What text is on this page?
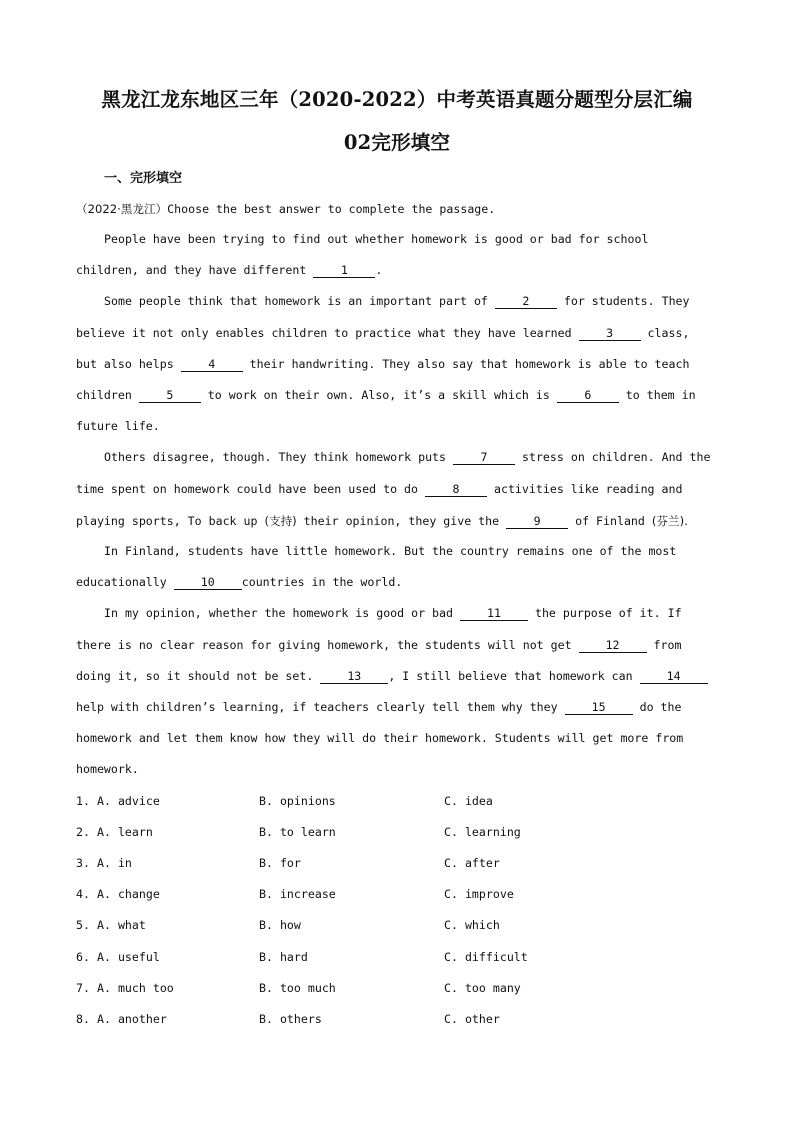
黑龙江龙东地区三年（2020-2022）中考英语真题分题型分层汇编
02完形填空
一、完形填空
（2022·黑龙江）Choose the best answer to complete the passage.
People have been trying to find out whether homework is good or bad for school
children, and they have different 1 .
Some people think that homework is an important part of 2 for students. They
believe it not only enables children to practice what they have learned 3 class,
but also helps 4 their handwriting. They also say that homework is able to teach
children 5 to work on their own. Also, it’s a skill which is 6 to them in
future life.
Others disagree, though. They think homework puts 7 stress on children. And the
time spent on homework could have been used to do 8 activities like reading and
playing sports, To back up (支持) their opinion, they give the 9 of Finland (芬兰).
In Finland, students have little homework. But the country remains one of the most
educationally 10 countries in the world.
In my opinion, whether the homework is good or bad 11 the purpose of it. If
there is no clear reason for giving homework, the students will not get 12 from
doing it, so it should not be set. 13 , I still believe that homework can 14
help with children’s learning, if teachers clearly tell them why they 15 do the
homework and let them know how they will do their homework. Students will get more from
homework.
1. A. advice	B. opinions	C. idea
2. A. learn	B. to learn	C. learning
3. A. in	B. for	C. after
4. A. change	B. increase	C. improve
5. A. what	B. how	C. which
6. A. useful	B. hard	C. difficult
7. A. much too	B. too much	C. too many
8. A. another	B. others	C. other
